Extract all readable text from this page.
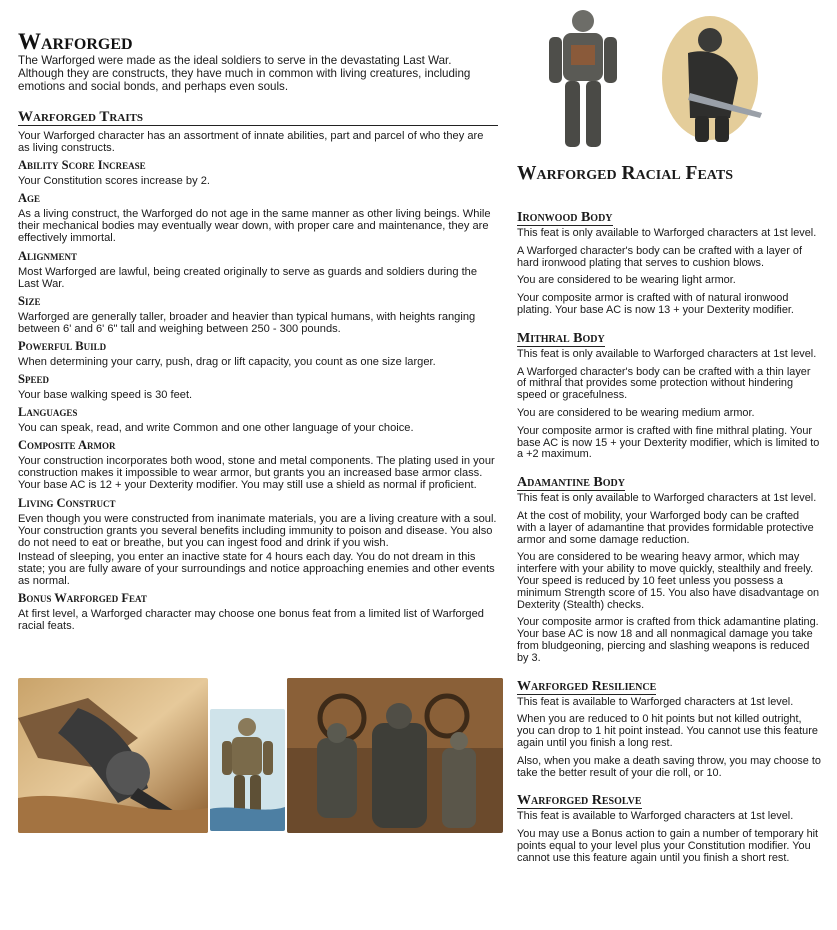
Warforged

The Warforged were made as the ideal soldiers to serve in the devastating Last War. Although they are constructs, they have much in common with living creatures, including emotions and social bonds, and perhaps even souls.

Warforged Traits

Your Warforged character has an assortment of innate abilities, part and parcel of who they are as living constructs.

Ability Score Increase

Your Constitution scores increase by 2.

Age

As a living construct, the Warforged do not age in the same manner as other living beings. While their mechanical bodies may eventually wear down, with proper care and maintenance, they are effectively immortal.

Alignment

Most Warforged are lawful, being created originally to serve as guards and soldiers during the Last War.

Size

Warforged are generally taller, broader and heavier than typical humans, with heights ranging between 6' and 6' 6" tall and weighing between 250 - 300 pounds.

Powerful Build

When determining your carry, push, drag or lift capacity, you count as one size larger.

Speed

Your base walking speed is 30 feet.

Languages

You can speak, read, and write Common and one other language of your choice.

Composite Armor

Your construction incorporates both wood, stone and metal components. The plating used in your construction makes it impossible to wear armor, but grants you an increased base armor class. Your base AC is 12 + your Dexterity modifier. You may still use a shield as normal if proficient.

Living Construct

Even though you were constructed from inanimate materials, you are a living creature with a soul. Your construction grants you several benefits including immunity to poison and disease. You also do not need to eat or breathe, but you can ingest food and drink if you wish.

Instead of sleeping, you enter an inactive state for 4 hours each day. You do not dream in this state; you are fully aware of your surroundings and notice approaching enemies and other events as normal.

Bonus Warforged Feat

At first level, a Warforged character may choose one bonus feat from a limited list of Warforged racial feats.

Warforged Racial Feats
Ironwood Body

This feat is only available to Warforged characters at 1st level.

A Warforged character's body can be crafted with a layer of hard ironwood plating that serves to cushion blows.

You are considered to be wearing light armor.

Your composite armor is crafted with of natural ironwood plating. Your base AC is now 13 + your Dexterity modifier.

Mithral Body

This feat is only available to Warforged characters at 1st level.

A Warforged character's body can be crafted with a thin layer of mithral that provides some protection without hindering speed or gracefulness.

You are considered to be wearing medium armor.

Your composite armor is crafted with fine mithral plating. Your base AC is now 15 + your Dexterity modifier, which is limited to a +2 maximum.

Adamantine Body

This feat is only available to Warforged characters at 1st level.

At the cost of mobility, your Warforged body can be crafted with a layer of adamantine that provides formidable protective armor and some damage reduction.

You are considered to be wearing heavy armor, which may interfere with your ability to move quickly, stealthily and freely. Your speed is reduced by 10 feet unless you possess a minimum Strength score of 15. You also have disadvantage on Dexterity (Stealth) checks.

Your composite armor is crafted from thick adamantine plating. Your base AC is now 18 and all nonmagical damage you take from bludgeoning, piercing and slashing weapons is reduced by 3.

Warforged Resilience

This feat is available to Warforged characters at 1st level.

When you are reduced to 0 hit points but not killed outright, you can drop to 1 hit point instead. You cannot use this feature again until you finish a long rest.

Also, when you make a death saving throw, you may choose to take the better result of your die roll, or 10.

Warforged Resolve

This feat is available to Warforged characters at 1st level.

You may use a Bonus action to gain a number of temporary hit points equal to your level plus your Constitution modifier. You cannot use this feature again until you finish a short rest.
